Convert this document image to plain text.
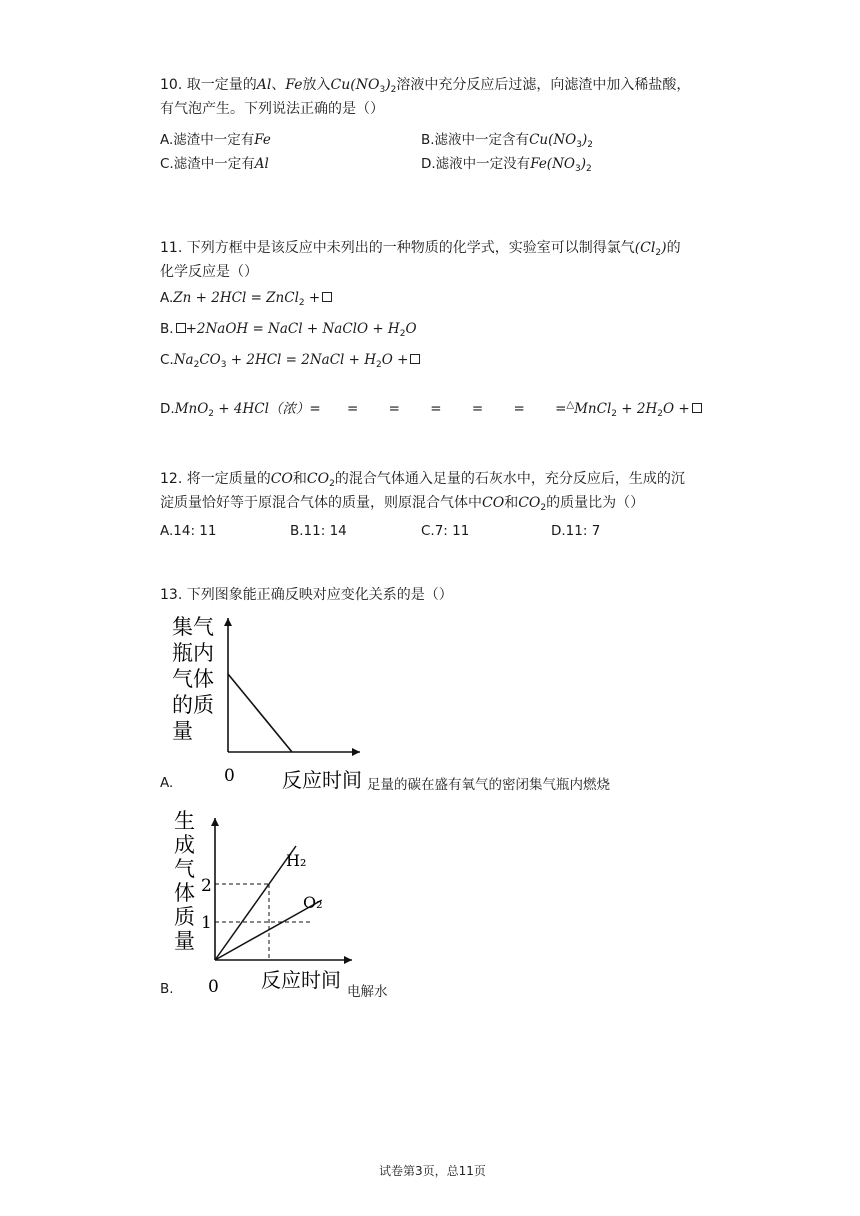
10. 取一定量的Al、Fe放入$Cu(NO_3)_2$溶液中充分反应后过滤，向滤渣中加入稀盐酸，
有气泡产生。下列说法正确的是（）
A.滤渣中一定有Fe	B.滤液中一定含有$Cu(NO_3)_2$
C.滤渣中一定有Al	D.滤液中一定没有$Fe(NO_3)_2$
11. 下列方框中是该反应中未列出的一种物质的化学式，实验室可以制得氯气$(Cl_2)$的
化学反应是（）
A.Zn + 2HCl = ZnCl$_2$ +
B. +2NaOH = NaCl + NaClO + $H_2O$
$C.Na_2CO_3 + 2HCl$ = 2NaCl + $H_2O$ +
D.MnO$_2$ + 4HCl（浓）= = = = = = =△MnCl$_2$ + $2H_2O$ +
12. 将一定质量的CO和$CO_2$的混合气体通入足量的石灰水中，充分反应后，生成的沉
淀质量恰好等于原混合气体的质量，则原混合气体中CO和$CO_2$的质量比为（）
A.14: 11	B.11: 14	C.7: 11	D.11: 7
13. 下列图象能正确反映对应变化关系的是（）
集气
瓶内
气体
的质
量
0 反应时间
A.	足量的碳在盛有氧气的密闭集气瓶内燃烧
生
成
气
体
质
量
0 反应时间
2
1
H₂
O₂
B.	电解水
试卷第3页，总11页
